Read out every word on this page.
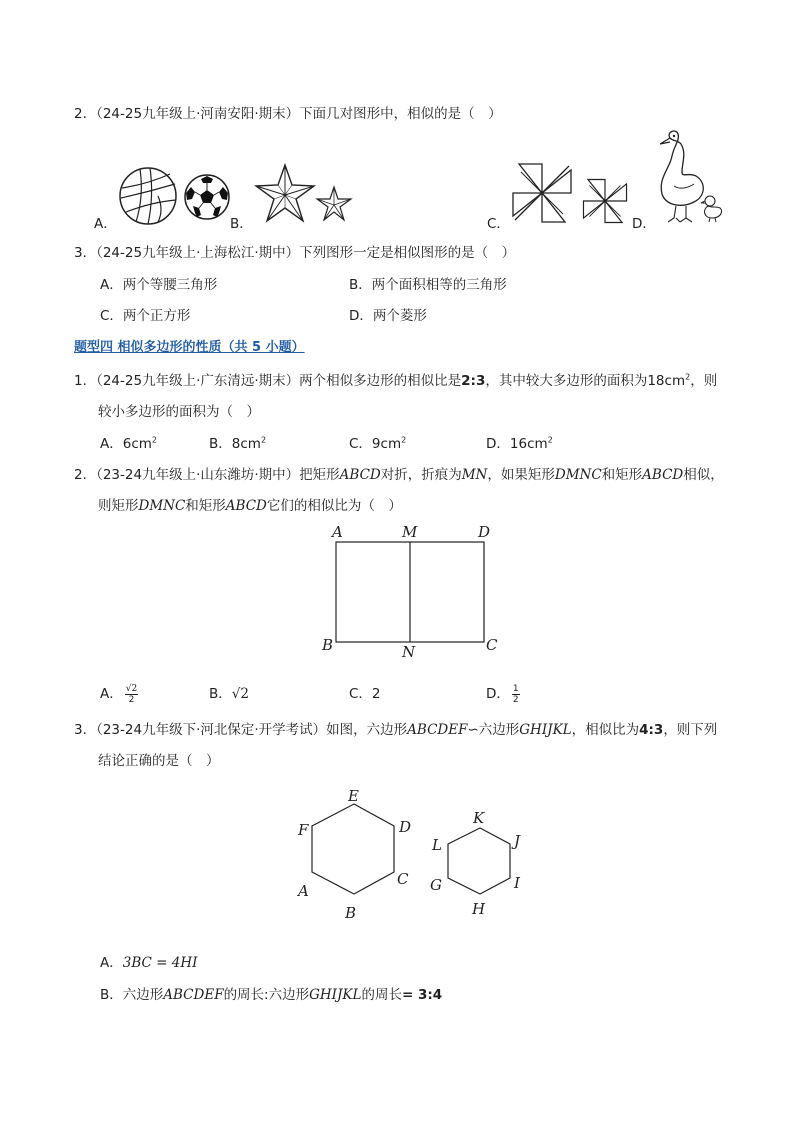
2．（24-25九年级上·河南安阳·期末）下面几对图形中，相似的是（　）
A．	B．	C．	D．
3．（24-25九年级上·上海松江·期中）下列图形一定是相似图形的是（　）
A．两个等腰三角形	B．两个面积相等的三角形
C．两个正方形	D．两个菱形
题型四 相似多边形的性质（共 5 小题）
1．（24-25九年级上·广东清远·期末）两个相似多边形的相似比是2:3，其中较大多边形的面积为$18cm^2$，则
较小多边形的面积为（　）
A．$6cm^2$	B．$8cm^2$	C．$9cm^2$	D．$16cm^2$
2．（23-24九年级上·山东潍坊·期中）把矩形ABCD对折，折痕为MN，如果矩形DMNC和矩形ABCD相似，
则矩形DMNC和矩形ABCD它们的相似比为（　）
A	M	D
B	N	C
A． $\frac{√2}{2}$	B．√2	C．2	D． $\frac{1}{2}$
3．（23-24九年级下·河北保定·开学考试）如图，六边形ABCDEF∽六边形GHIJKL，相似比为4:3，则下列
结论正确的是（　）
E
D
C
B
A
F
K
J
I
H
G
L
A．3BC = 4HI
B．六边形ABCDEF的周长:六边形GHIJKL的周长= 3:4
